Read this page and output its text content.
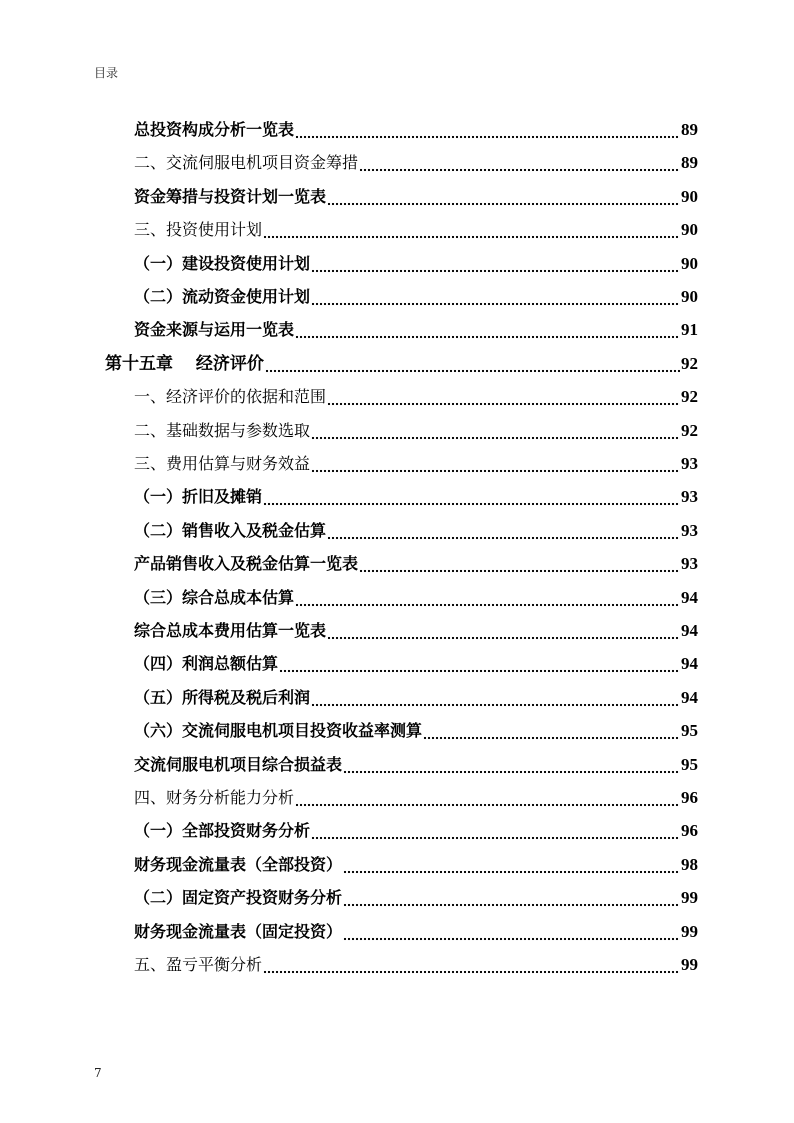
目录
总投资构成分析一览表	89
二、交流伺服电机项目资金筹措	89
资金筹措与投资计划一览表	90
三、投资使用计划	90
（一）建设投资使用计划	90
（二）流动资金使用计划	90
资金来源与运用一览表	91
第十五章　 经济评价	92
一、经济评价的依据和范围	92
二、基础数据与参数选取	92
三、费用估算与财务效益	93
（一）折旧及摊销	93
（二）销售收入及税金估算	93
产品销售收入及税金估算一览表	93
（三）综合总成本估算	94
综合总成本费用估算一览表	94
（四）利润总额估算	94
（五）所得税及税后利润	94
（六）交流伺服电机项目投资收益率测算	95
交流伺服电机项目综合损益表	95
四、财务分析能力分析	96
（一）全部投资财务分析	96
财务现金流量表（全部投资）	98
（二）固定资产投资财务分析	99
财务现金流量表（固定投资）	99
五、盈亏平衡分析	99
7
